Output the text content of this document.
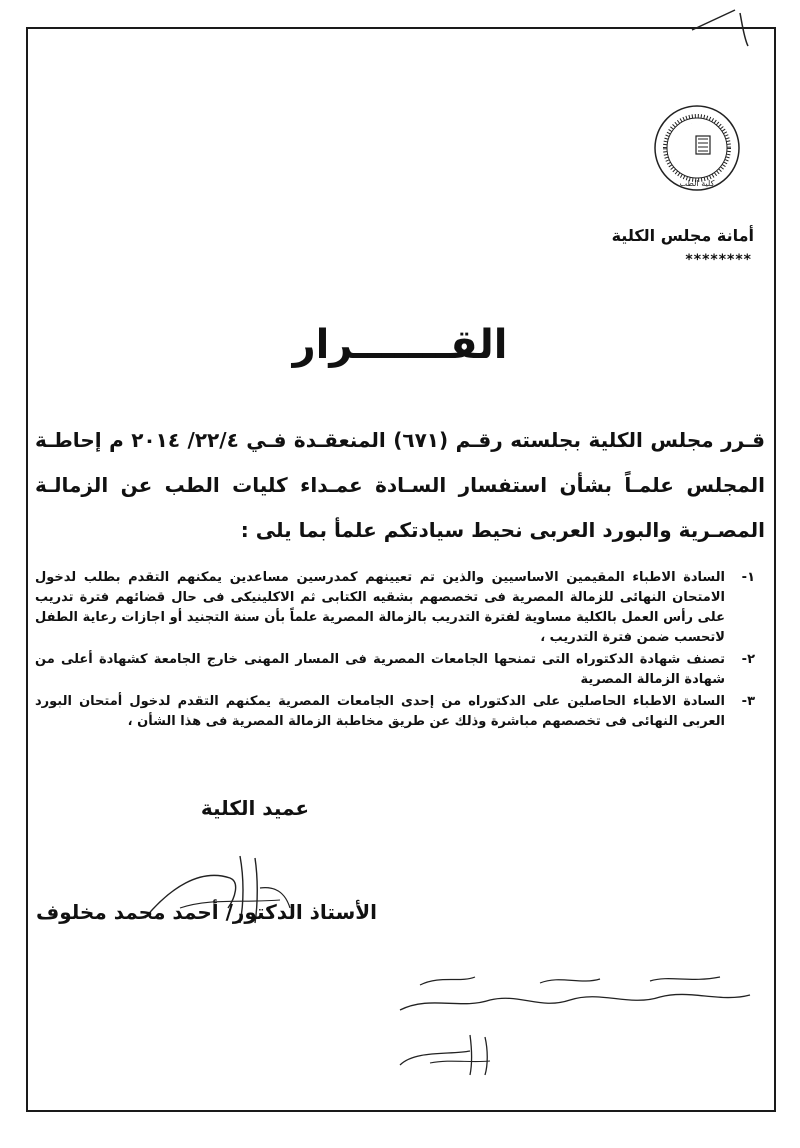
كلية الطب
أمانة مجلس الكلية
********
القـــــــرار
قـرر مجلس الكلية بجلسته رقـم (٦٧١) المنعقـدة فـي ٢٢/٤/ ٢٠١٤ م إحاطـة المجلس علمـاً بشأن استفسار السـادة عمـداء كليات الطب عن الزمالـة المصـرية والبورد العربى نحيط سيادتكم علمأ بما يلى :
١-
السادة الاطباء المقيمين الاساسيين والذين تم تعيينهم كمدرسين مساعدين يمكنهم التقدم بطلب لدخول الامتحان النهائى للزمالة المصرية فى تخصصهم بشقيه الكتابى ثم الاكلينيكى فى حال قضائهم فترة تدريب على رأس العمل بالكلية مساوية لفترة التدريب بالزمالة المصرية علماً بأن سنة التجنيد أو اجازات رعاية الطفل لاتحسب ضمن فترة التدريب ،
٢-
تصنف شهادة الدكتوراه التى تمنحها الجامعات المصرية فى المسار المهنى خارج الجامعة كشهادة أعلى من شهادة الزمالة المصرية
٣-
السادة الاطباء الحاصلين على الدكتوراه من إحدى الجامعات المصرية يمكنهم التقدم لدخول أمتحان البورد العربى النهائى فى تخصصهم مباشرة وذلك عن طريق مخاطبة الزمالة المصرية فى هذا الشأن ،
عميد الكلية
الأستاذ الدكتور/ أحمد محمد مخلوف
